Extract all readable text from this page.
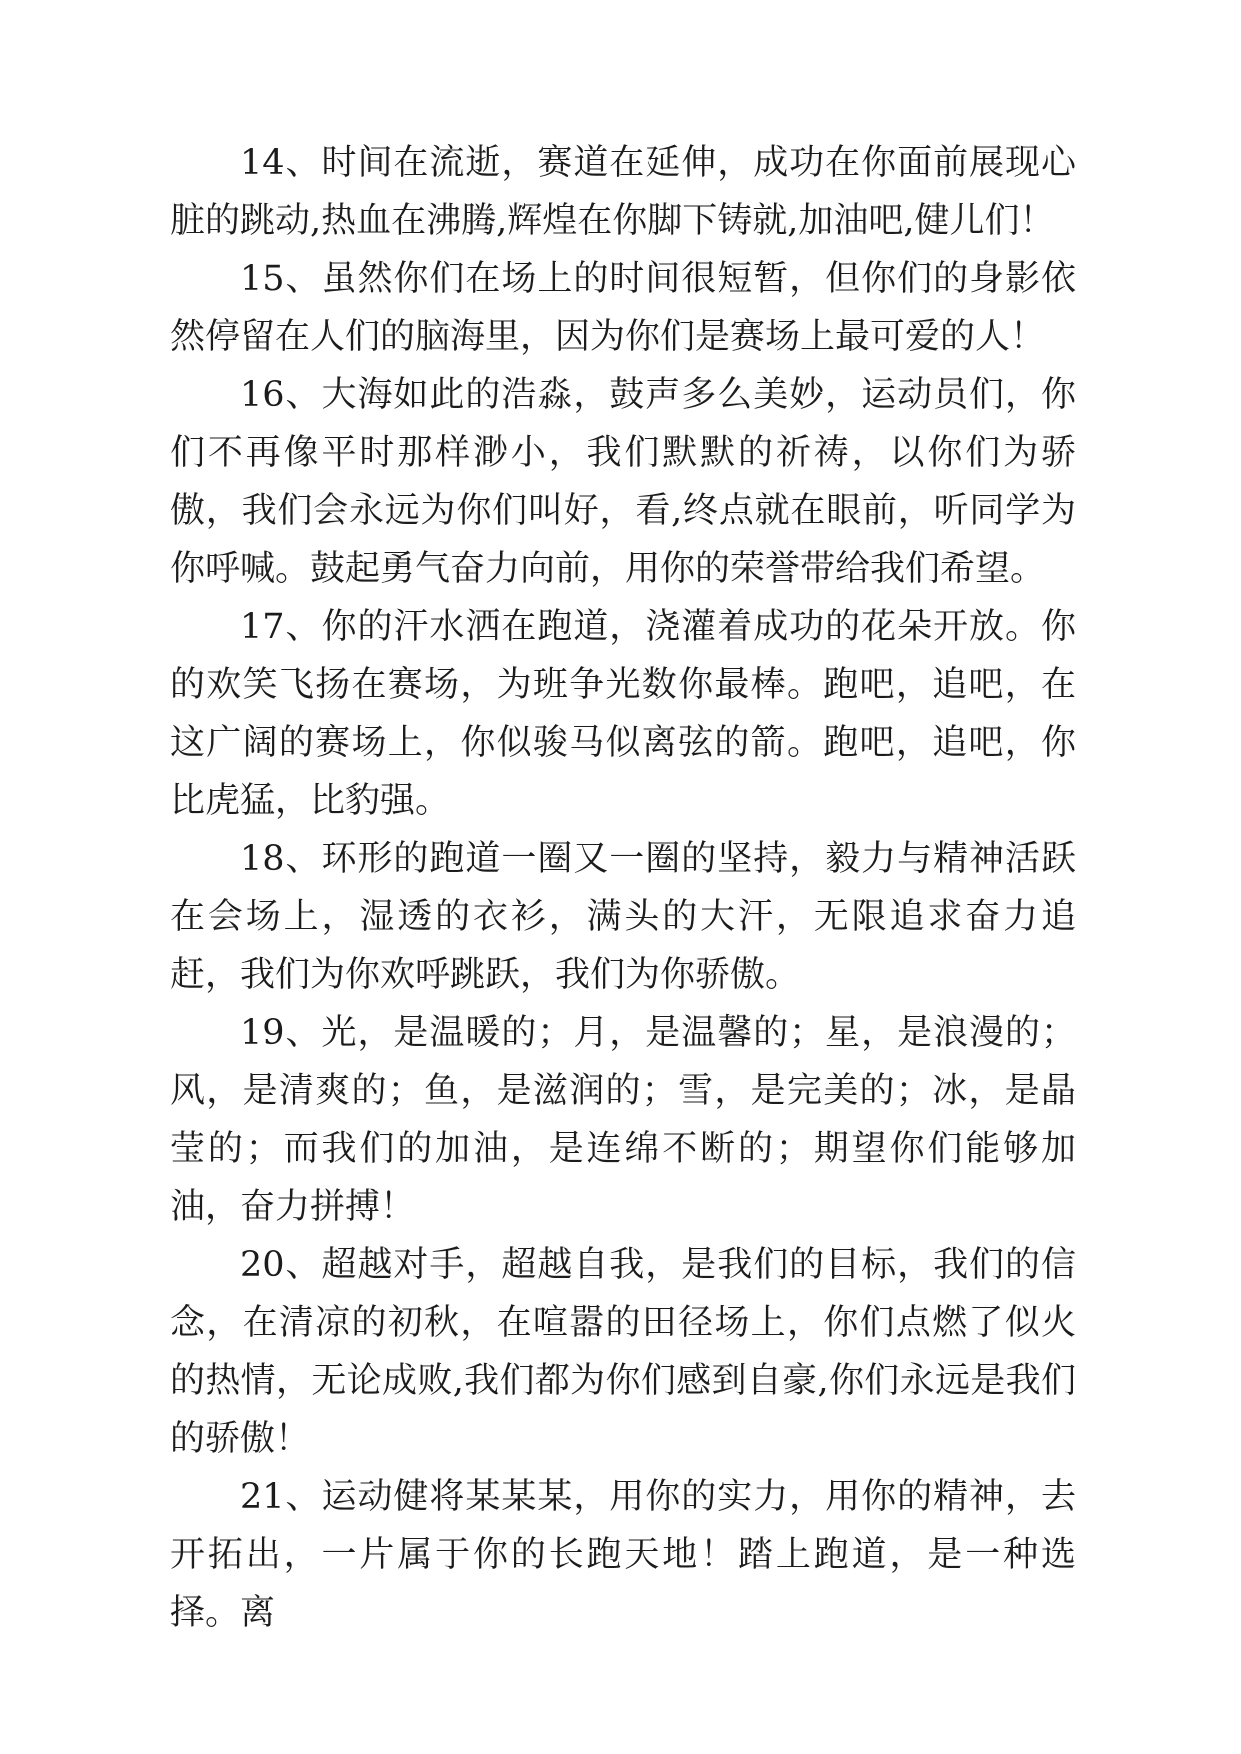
14、时间在流逝，赛道在延伸，成功在你面前展现心脏的跳动,热血在沸腾,辉煌在你脚下铸就,加油吧,健儿们！

15、虽然你们在场上的时间很短暂，但你们的身影依然停留在人们的脑海里，因为你们是赛场上最可爱的人！

16、大海如此的浩淼，鼓声多么美妙，运动员们，你们不再像平时那样渺小，我们默默的祈祷，以你们为骄傲，我们会永远为你们叫好，看,终点就在眼前，听同学为你呼喊。鼓起勇气奋力向前，用你的荣誉带给我们希望。

17、你的汗水洒在跑道，浇灌着成功的花朵开放。你的欢笑飞扬在赛场，为班争光数你最棒。跑吧，追吧，在这广阔的赛场上，你似骏马似离弦的箭。跑吧，追吧，你比虎猛，比豹强。

18、环形的跑道一圈又一圈的坚持，毅力与精神活跃在会场上，湿透的衣衫，满头的大汗，无限追求奋力追赶，我们为你欢呼跳跃，我们为你骄傲。

19、光，是温暖的；月，是温馨的；星，是浪漫的；风，是清爽的；鱼，是滋润的；雪，是完美的；冰，是晶莹的；而我们的加油，是连绵不断的；期望你们能够加油，奋力拼搏！

20、超越对手，超越自我，是我们的目标，我们的信念，在清凉的初秋，在喧嚣的田径场上，你们点燃了似火的热情，无论成败,我们都为你们感到自豪,你们永远是我们的骄傲！

21、运动健将某某某，用你的实力，用你的精神，去开拓出，一片属于你的长跑天地！踏上跑道，是一种选择。离
